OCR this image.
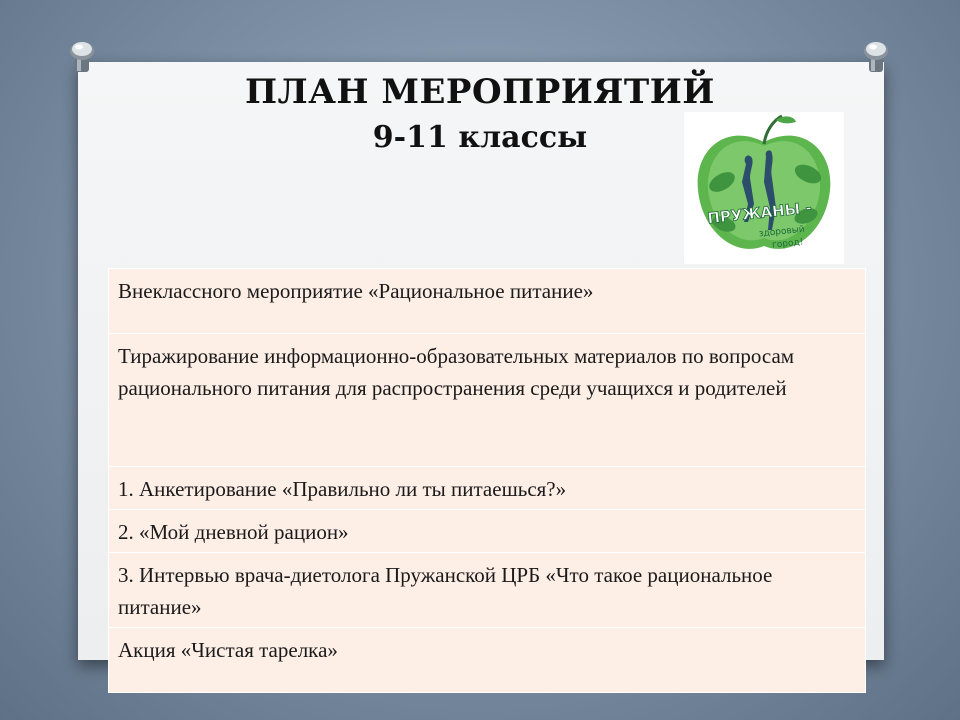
ПЛАН МЕРОПРИЯТИЙ
9-11 классы
ПРУЖАНЫ -
здоровый
город!
Внеклассного мероприятие «Рациональное питание»
Тиражирование информационно-образовательных материалов по вопросам рационального питания для распространения среди учащихся и родителей
1. Анкетирование «Правильно ли ты питаешься?»
2. «Мой дневной рацион»
3. Интервью врача-диетолога Пружанской ЦРБ «Что такое рациональное питание»
Акция «Чистая тарелка»
